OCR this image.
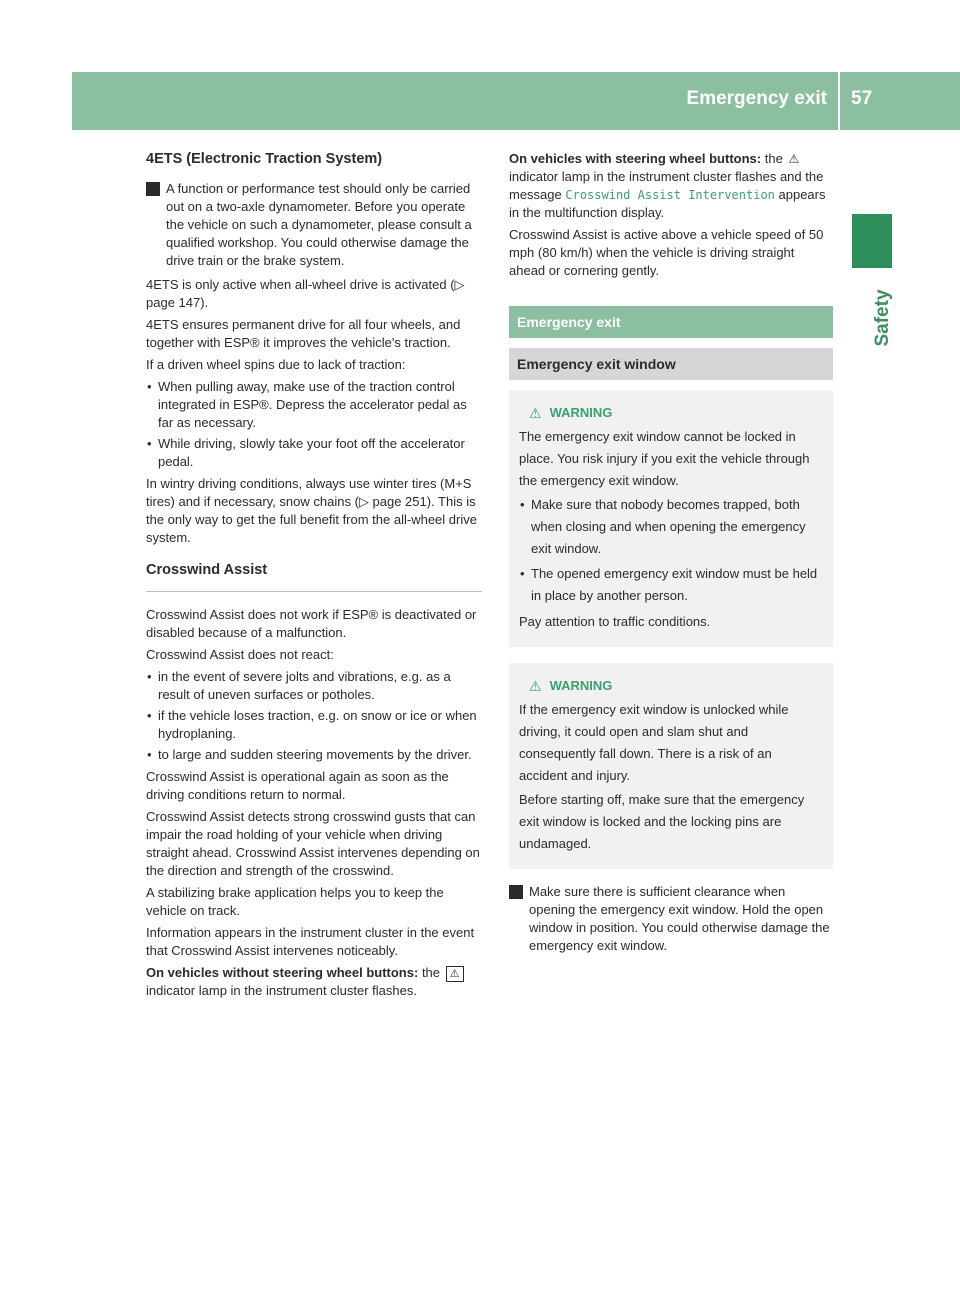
Emergency exit 57
Safety
4ETS (Electronic Traction System)
A function or performance test should only be carried out on a two-axle dynamometer. Before you operate the vehicle on such a dynamometer, please consult a qualified workshop. You could otherwise damage the drive train or the brake system.

4ETS is only active when all-wheel drive is activated (▷ page 147).

4ETS ensures permanent drive for all four wheels, and together with ESP® it improves the vehicle's traction.

If a driven wheel spins due to lack of traction:

• When pulling away, make use of the traction control integrated in ESP®. Depress the accelerator pedal as far as necessary.
• While driving, slowly take your foot off the accelerator pedal.

In wintry driving conditions, always use winter tires (M+S tires) and if necessary, snow chains (▷ page 251). This is the only way to get the full benefit from the all-wheel drive system.

Crosswind Assist

Crosswind Assist does not work if ESP® is deactivated or disabled because of a malfunction.

Crosswind Assist does not react:

• in the event of severe jolts and vibrations, e.g. as a result of uneven surfaces or potholes.
• if the vehicle loses traction, e.g. on snow or ice or when hydroplaning.
• to large and sudden steering movements by the driver.

Crosswind Assist is operational again as soon as the driving conditions return to normal.

Crosswind Assist detects strong crosswind gusts that can impair the road holding of your vehicle when driving straight ahead. Crosswind Assist intervenes depending on the direction and strength of the crosswind.

A stabilizing brake application helps you to keep the vehicle on track.

Information appears in the instrument cluster in the event that Crosswind Assist intervenes noticeably.

On vehicles without steering wheel buttons: the ⚠ indicator lamp in the instrument cluster flashes.

On vehicles with steering wheel buttons: the ⚠ indicator lamp in the instrument cluster flashes and the message Crosswind Assist Intervention appears in the multifunction display.

Crosswind Assist is active above a vehicle speed of 50 mph (80 km/h) when the vehicle is driving straight ahead or cornering gently.

Emergency exit
Emergency exit window
⚠ WARNING

The emergency exit window cannot be locked in place. You risk injury if you exit the vehicle through the emergency exit window.

• Make sure that nobody becomes trapped, both when closing and when opening the emergency exit window.
• The opened emergency exit window must be held in place by another person.

Pay attention to traffic conditions.

⚠ WARNING

If the emergency exit window is unlocked while driving, it could open and slam shut and consequently fall down. There is a risk of an accident and injury.

Before starting off, make sure that the emergency exit window is locked and the locking pins are undamaged.

Make sure there is sufficient clearance when opening the emergency exit window. Hold the open window in position. You could otherwise damage the emergency exit window.
